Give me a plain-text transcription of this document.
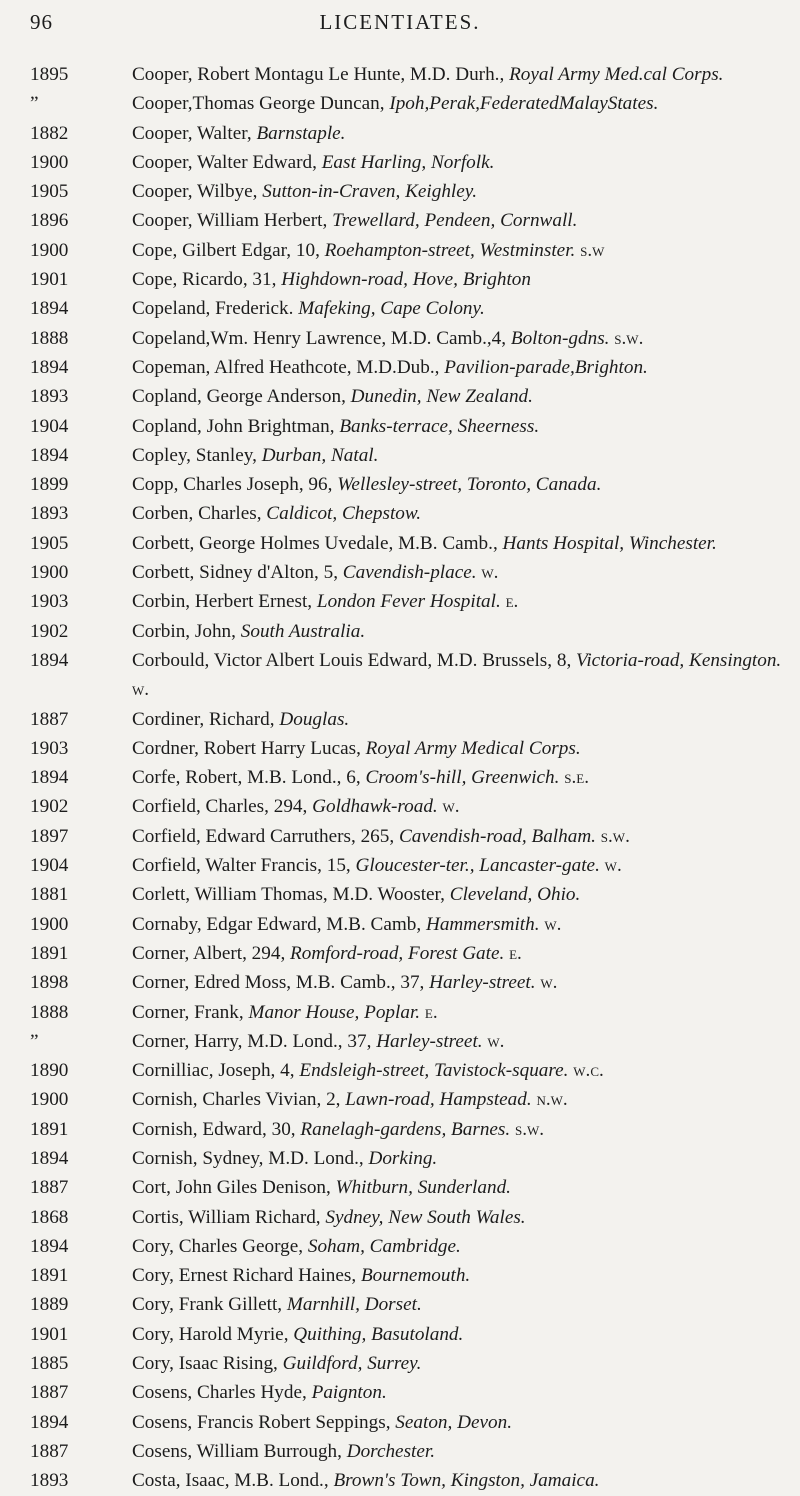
96	LICENTIATES.
1895	Cooper, Robert Montagu Le Hunte, M.D. Durh., Royal Army Med.cal Corps.
”	Cooper,Thomas George Duncan, Ipoh,Perak,FederatedMalayStates.
1882	Cooper, Walter, Barnstaple.
1900	Cooper, Walter Edward, East Harling, Norfolk.
1905	Cooper, Wilbye, Sutton-in-Craven, Keighley.
1896	Cooper, William Herbert, Trewellard, Pendeen, Cornwall.
1900	Cope, Gilbert Edgar, 10, Roehampton-street, Westminster. s.w
1901	Cope, Ricardo, 31, Highdown-road, Hove, Brighton
1894	Copeland, Frederick. Mafeking, Cape Colony.
1888	Copeland,Wm. Henry Lawrence, M.D. Camb.,4, Bolton-gdns. s.w.
1894	Copeman, Alfred Heathcote, M.D.Dub., Pavilion-parade,Brighton.
1893	Copland, George Anderson, Dunedin, New Zealand.
1904	Copland, John Brightman, Banks-terrace, Sheerness.
1894	Copley, Stanley, Durban, Natal.
1899	Copp, Charles Joseph, 96, Wellesley-street, Toronto, Canada.
1893	Corben, Charles, Caldicot, Chepstow.
1905	Corbett, George Holmes Uvedale, M.B. Camb., Hants Hospital, Winchester.
1900	Corbett, Sidney d'Alton, 5, Cavendish-place. w.
1903	Corbin, Herbert Ernest, London Fever Hospital. e.
1902	Corbin, John, South Australia.
1894	Corbould, Victor Albert Louis Edward, M.D. Brussels, 8, Victoria-road, Kensington. w.
1887	Cordiner, Richard, Douglas.
1903	Cordner, Robert Harry Lucas, Royal Army Medical Corps.
1894	Corfe, Robert, M.B. Lond., 6, Croom's-hill, Greenwich. s.e.
1902	Corfield, Charles, 294, Goldhawk-road. w.
1897	Corfield, Edward Carruthers, 265, Cavendish-road, Balham. s.w.
1904	Corfield, Walter Francis, 15, Gloucester-ter., Lancaster-gate. w.
1881	Corlett, William Thomas, M.D. Wooster, Cleveland, Ohio.
1900	Cornaby, Edgar Edward, M.B. Camb, Hammersmith. w.
1891	Corner, Albert, 294, Romford-road, Forest Gate. e.
1898	Corner, Edred Moss, M.B. Camb., 37, Harley-street. w.
1888	Corner, Frank, Manor House, Poplar. e.
”	Corner, Harry, M.D. Lond., 37, Harley-street. w.
1890	Cornilliac, Joseph, 4, Endsleigh-street, Tavistock-square. w.c.
1900	Cornish, Charles Vivian, 2, Lawn-road, Hampstead. n.w.
1891	Cornish, Edward, 30, Ranelagh-gardens, Barnes. s.w.
1894	Cornish, Sydney, M.D. Lond., Dorking.
1887	Cort, John Giles Denison, Whitburn, Sunderland.
1868	Cortis, William Richard, Sydney, New South Wales.
1894	Cory, Charles George, Soham, Cambridge.
1891	Cory, Ernest Richard Haines, Bournemouth.
1889	Cory, Frank Gillett, Marnhill, Dorset.
1901	Cory, Harold Myrie, Quithing, Basutoland.
1885	Cory, Isaac Rising, Guildford, Surrey.
1887	Cosens, Charles Hyde, Paignton.
1894	Cosens, Francis Robert Seppings, Seaton, Devon.
1887	Cosens, William Burrough, Dorchester.
1893	Costa, Isaac, M.B. Lond., Brown's Town, Kingston, Jamaica.
